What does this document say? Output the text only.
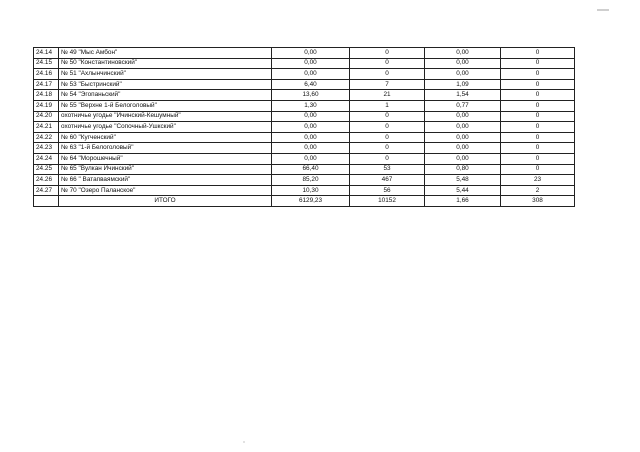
24.14	№ 49 "Мыс Амбон"	0,00	0	0,00	0
24.15	№ 50 "Константиновский"	0,00	0	0,00	0
24.16	№ 51 "Ахлынчинский"	0,00	0	0,00	0
24.17	№ 53 "Быстринский"	6,40	7	1,09	0
24.18	№ 54 "Эгопаньский"	13,60	21	1,54	0
24.19	№ 55 "Верхне 1-й Белоголовый"	1,30	1	0,77	0
24.20	охотничье угодье "Ичинский-Кешумный"	0,00	0	0,00	0
24.21	охотничье угодье "Сопочный-Ушкский"	0,00	0	0,00	0
24.22	№ 60 "Кугченский"	0,00	0	0,00	0
24.23	№ 63 "1-й Белоголовый"	0,00	0	0,00	0
24.24	№ 64 "Морошечный"	0,00	0	0,00	0
24.25	№ 65 "Вулкан Ичинский"	66,40	53	0,80	0
24.26	№ 66 " Ватапваямский"	85,20	467	5,48	23
24.27	№ 70 "Озеро Паланское"	10,30	56	5,44	2
	ИТОГО	6129,23	10152	1,66	308
